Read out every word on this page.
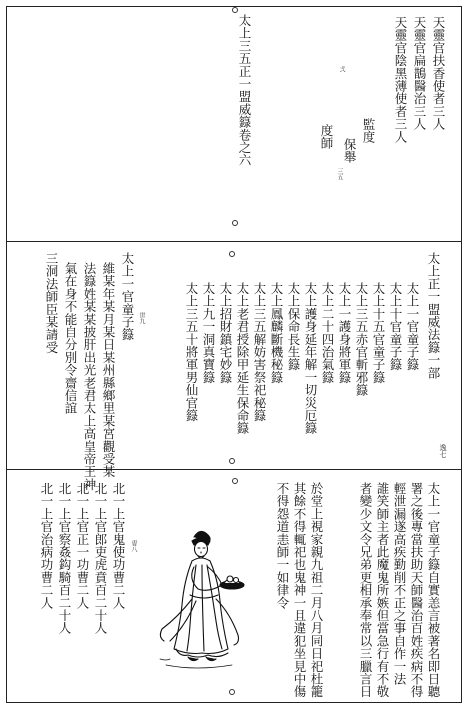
天靈官扶香使者三人
天靈官扁鵲醫治三人
天靈官陰黑薄使者三人
弍
監度
保舉
三五
度師
太上三五正一盟威籙卷之六
太上正一盟威法籙一部
太上一官童子籙
太上十官童子籙
太上十五官童子籙
太上三五赤官斬邪籙
太上一護身將軍籙
太上二十四治氣籙
太上護身延年解一切災厄籙
太上保命長生籙
太上鳳麟斷機秘籙
太上三五解妨害祭祀秘籙
太上老君授除甲延生保命籙
太上招財鎮宅妙籙
太上九一洞真寶籙
太上三五十將軍男仙官籙
丗九
太上一官童子籙
維某年某月某日某州縣鄉里某宮觀受某
法籙姓某某披肝出光老君太上高皇帝王神
氣在身不能自分別令齋信誼
三洞法師臣某請受
逸七
太上一官童子籙自實恙言被著名即日聽
署之後專當扶助天師醫治百姓疾病不得
輕泄漏遂高疾勤削不正之事自作一法
誰笑師主者此魔鬼所嫉但當急行有不敬
者變少文令兄弟更相承奉常以三臘言日
於堂上視家親九祖二月八月同日祀杜籠
其餘不得輒祀也鬼神一且違犯坐見中傷
不得怨道恚師一如律令
曺八
北一上官鬼使功曹二人
北一上官郎吏虎賁百二十人
北一上官正一功曹二人
北一上官察姦鈎騎百二十人
北一上官治病功曹二人
